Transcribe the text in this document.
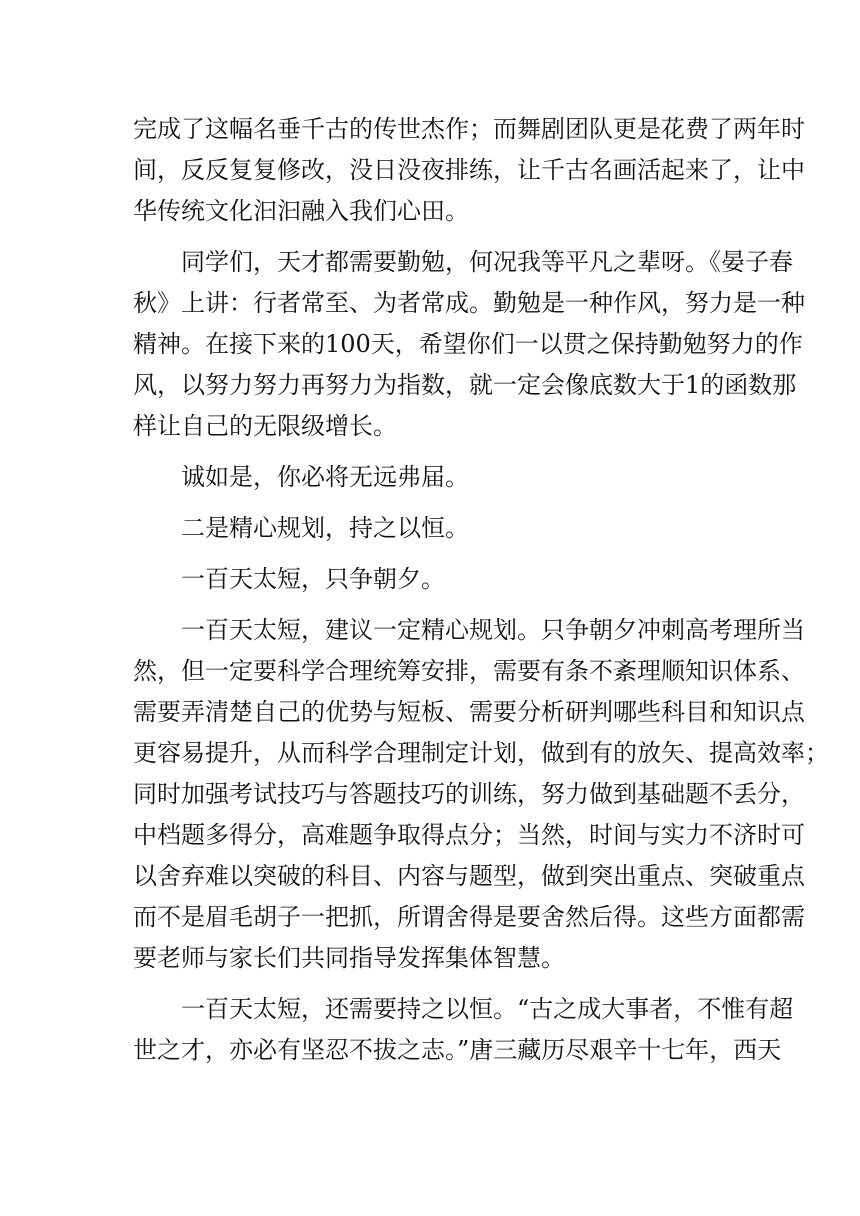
完成了这幅名垂千古的传世杰作；而舞剧团队更是花费了两年时
间，反反复复修改，没日没夜排练，让千古名画活起来了，让中
华传统文化汩汩融入我们心田。

同学们，天才都需要勤勉，何况我等平凡之辈呀。《晏子春
秋》上讲：行者常至、为者常成。勤勉是一种作风，努力是一种
精神。在接下来的100天，希望你们一以贯之保持勤勉努力的作
风，以努力努力再努力为指数，就一定会像底数大于1的函数那
样让自己的无限级增长。

诚如是，你必将无远弗届。

二是精心规划，持之以恒。

一百天太短，只争朝夕。

一百天太短，建议一定精心规划。只争朝夕冲刺高考理所当
然，但一定要科学合理统筹安排，需要有条不紊理顺知识体系、
需要弄清楚自己的优势与短板、需要分析研判哪些科目和知识点
更容易提升，从而科学合理制定计划，做到有的放矢、提高效率；
同时加强考试技巧与答题技巧的训练，努力做到基础题不丢分，
中档题多得分，高难题争取得点分；当然，时间与实力不济时可
以舍弃难以突破的科目、内容与题型，做到突出重点、突破重点
而不是眉毛胡子一把抓，所谓舍得是要舍然后得。这些方面都需
要老师与家长们共同指导发挥集体智慧。

一百天太短，还需要持之以恒。“古之成大事者，不惟有超
世之才，亦必有坚忍不拔之志。”唐三藏历尽艰辛十七年，西天
